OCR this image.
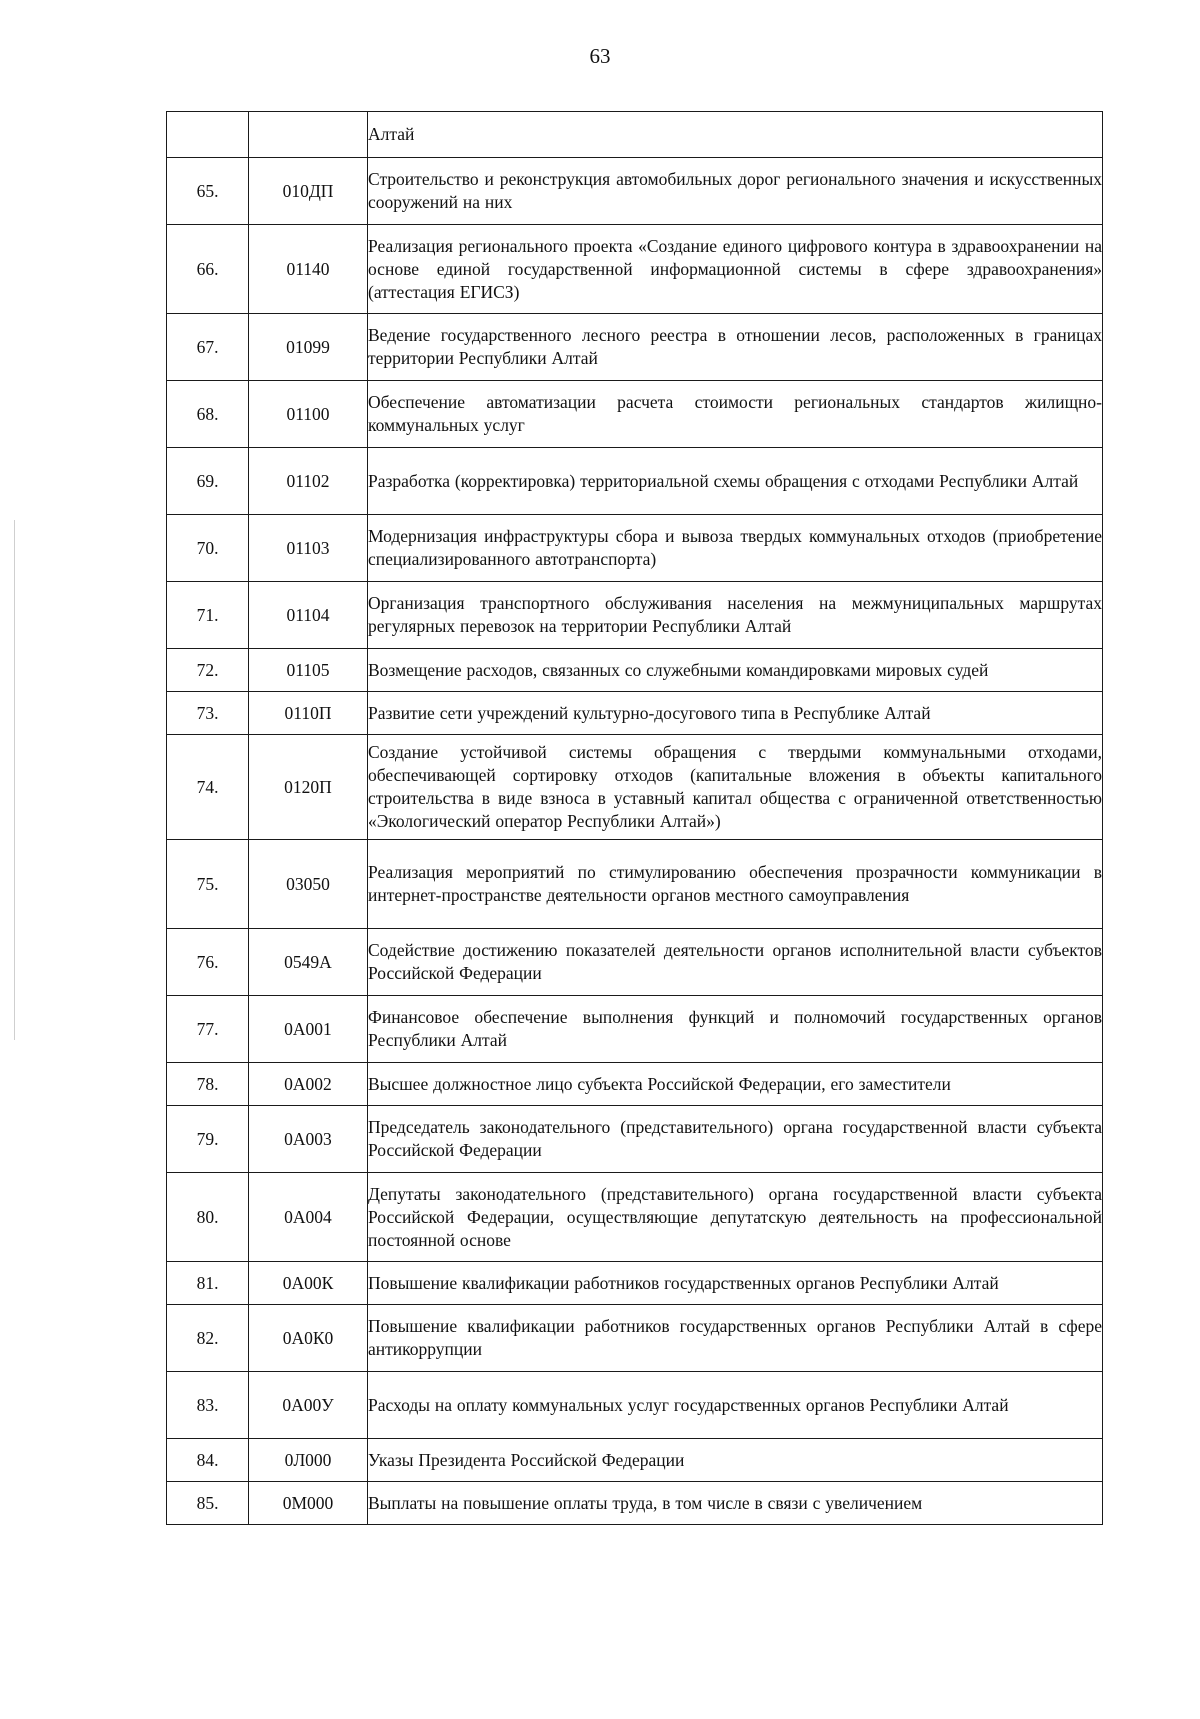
63
		Алтай
65.	010ДП	Строительство и реконструкция автомобильных дорог регионального значения и искусственных сооружений на них
66.	01140	Реализация регионального проекта «Создание единого цифрового контура в здравоохранении на основе единой государственной информационной системы в сфере здравоохранения» (аттестация ЕГИСЗ)
67.	01099	Ведение государственного лесного реестра в отношении лесов, расположенных в границах территории Республики Алтай
68.	01100	Обеспечение автоматизации расчета стоимости региональных стандартов жилищно-коммунальных услуг
69.	01102	Разработка (корректировка) территориальной схемы обращения с отходами Республики Алтай
70.	01103	Модернизация инфраструктуры сбора и вывоза твердых коммунальных отходов (приобретение специализированного автотранспорта)
71.	01104	Организация транспортного обслуживания населения на межмуниципальных маршрутах регулярных перевозок на территории Республики Алтай
72.	01105	Возмещение расходов, связанных со служебными командировками мировых судей
73.	0110П	Развитие сети учреждений культурно-досугового типа в Республике Алтай
74.	0120П	Создание устойчивой системы обращения с твердыми коммунальными отходами, обеспечивающей сортировку отходов (капитальные вложения в объекты капитального строительства в виде взноса в уставный капитал общества с ограниченной ответственностью «Экологический оператор Республики Алтай»)
75.	03050	Реализация мероприятий по стимулированию обеспечения прозрачности коммуникации в интернет-пространстве деятельности органов местного самоуправления
76.	0549А	Содействие достижению показателей деятельности органов исполнительной власти субъектов Российской Федерации
77.	0А001	Финансовое обеспечение выполнения функций и полномочий государственных органов Республики Алтай
78.	0А002	Высшее должностное лицо субъекта Российской Федерации, его заместители
79.	0А003	Председатель законодательного (представительного) органа государственной власти субъекта Российской Федерации
80.	0А004	Депутаты законодательного (представительного) органа государственной власти субъекта Российской Федерации, осуществляющие депутатскую деятельность на профессиональной постоянной основе
81.	0А00К	Повышение квалификации работников государственных органов Республики Алтай
82.	0А0К0	Повышение квалификации работников государственных органов Республики Алтай в сфере антикоррупции
83.	0А00У	Расходы на оплату коммунальных услуг государственных органов Республики Алтай
84.	0Л000	Указы Президента Российской Федерации
85.	0М000	Выплаты на повышение оплаты труда, в том числе в связи с увеличением
